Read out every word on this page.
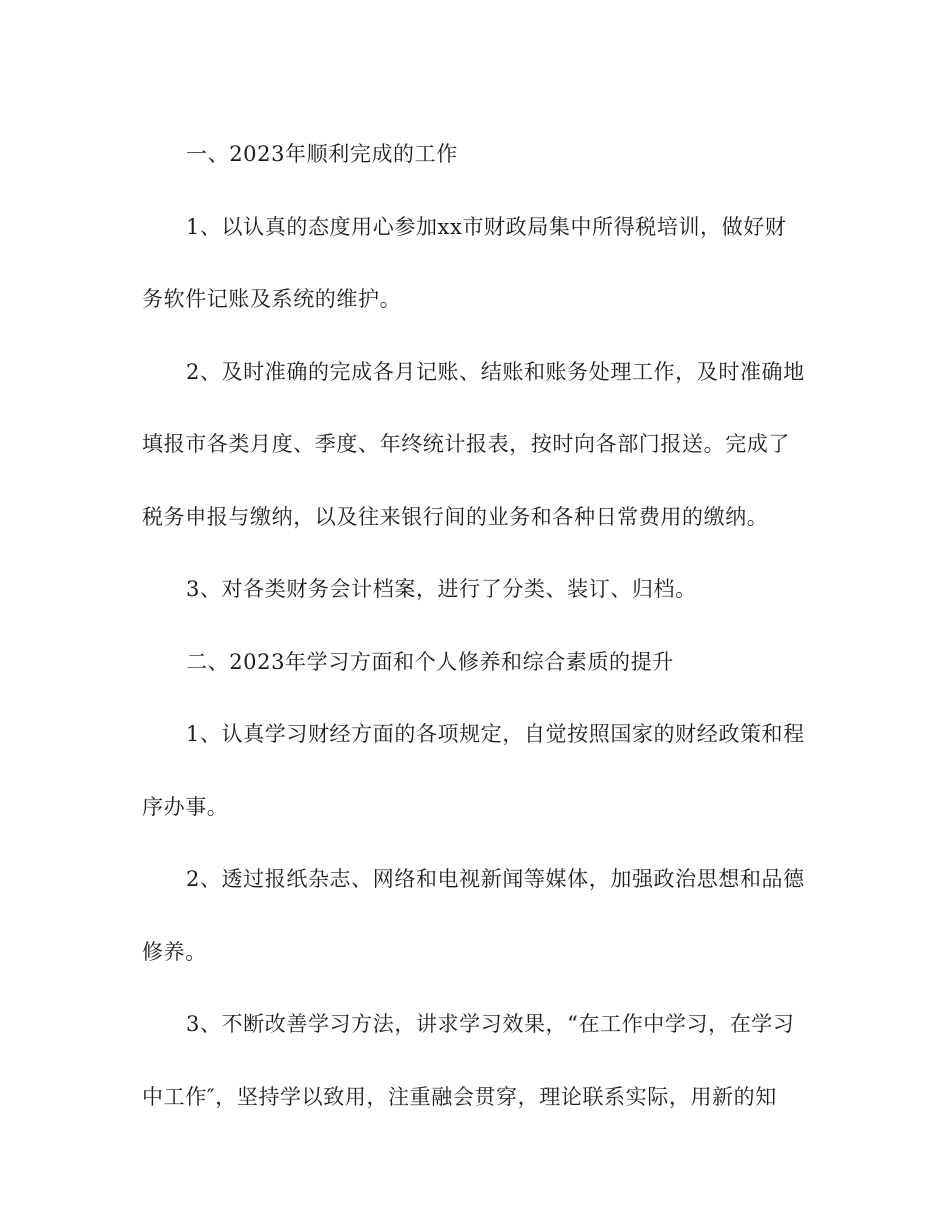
一、2023年顺利完成的工作

1、以认真的态度用心参加xx市财政局集中所得税培训，做好财
务软件记账及系统的维护。

2、及时准确的完成各月记账、结账和账务处理工作，及时准确地
填报市各类月度、季度、年终统计报表，按时向各部门报送。完成了
税务申报与缴纳，以及往来银行间的业务和各种日常费用的缴纳。

3、对各类财务会计档案，进行了分类、装订、归档。

二、2023年学习方面和个人修养和综合素质的提升

1、认真学习财经方面的各项规定，自觉按照国家的财经政策和程
序办事。

2、透过报纸杂志、网络和电视新闻等媒体，加强政治思想和品德
修养。

3、不断改善学习方法，讲求学习效果，“在工作中学习，在学习
中工作″，坚持学以致用，注重融会贯穿，理论联系实际，用新的知
